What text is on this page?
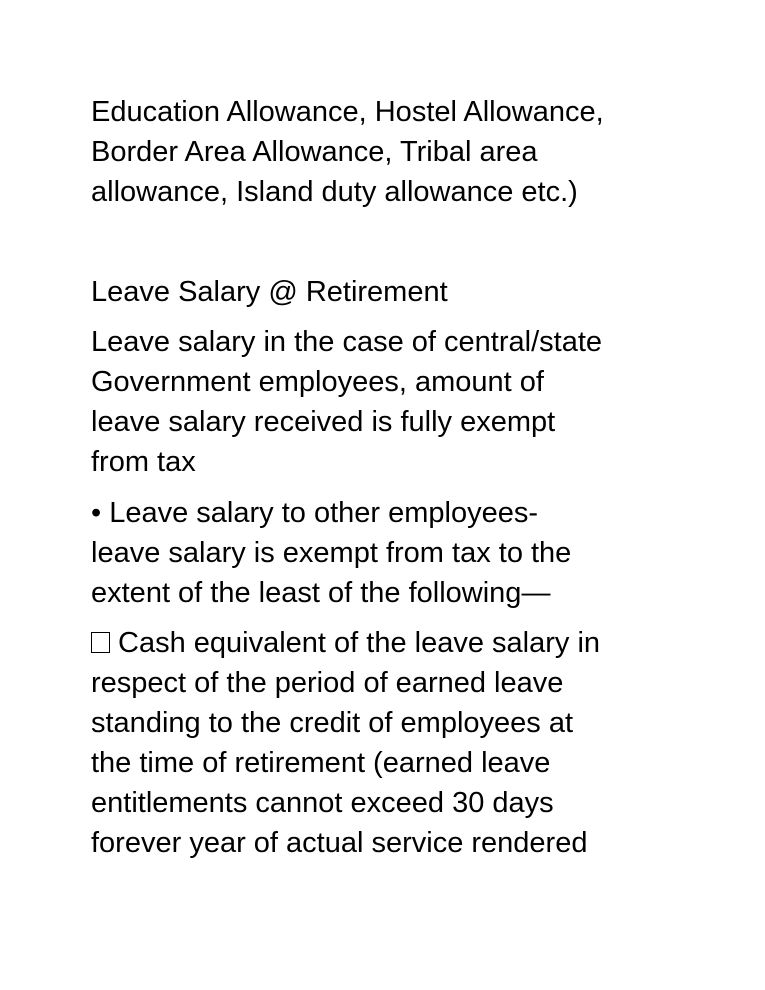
Education Allowance, Hostel Allowance,
Border Area Allowance, Tribal area
allowance, Island duty allowance etc.)

Leave Salary @ Retirement

Leave salary in the case of central/state
Government employees, amount of
leave salary received is fully exempt
from tax

• Leave salary to other employees-
leave salary is exempt from tax to the
extent of the least of the following—

Cash equivalent of the leave salary in
respect of the period of earned leave
standing to the credit of employees at
the time of retirement (earned leave
entitlements cannot exceed 30 days
forever year of actual service rendered
